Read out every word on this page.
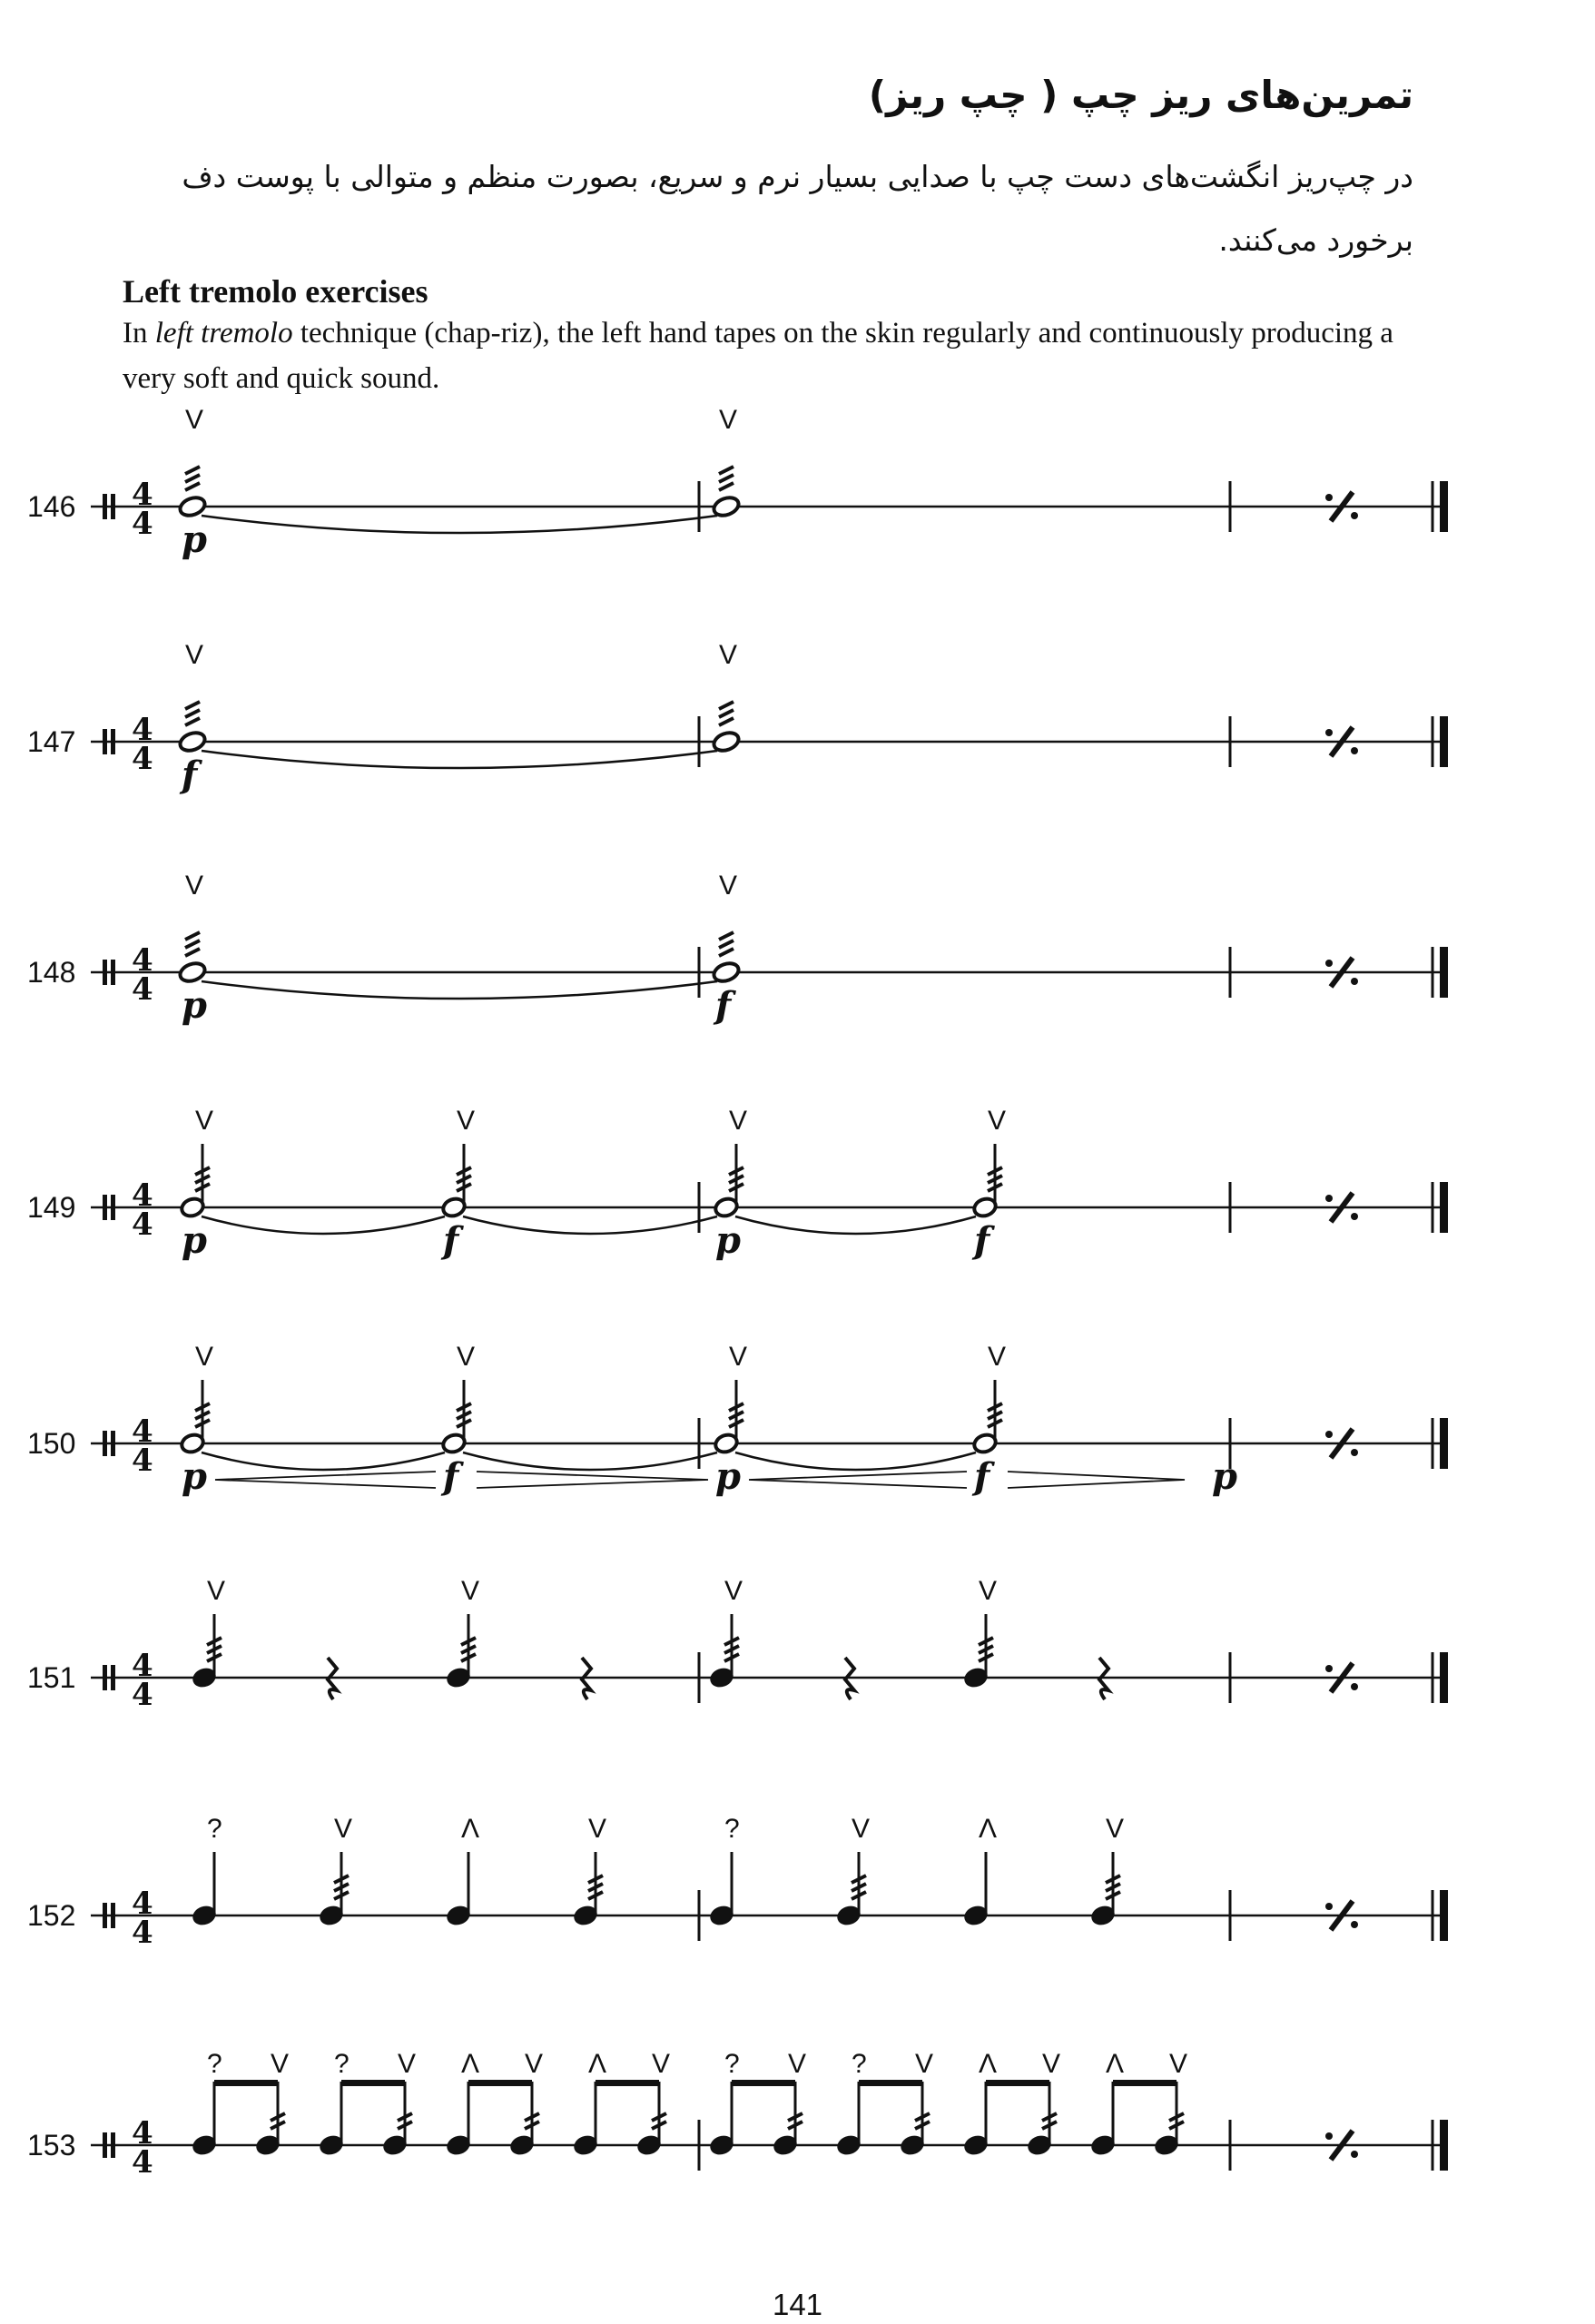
تمرین‌های ریز چپ ( چپ ریز)

در چپ‌ریز انگشت‌های دست چپ با صدایی بسیار نرم و سریع، بصورت منظم و متوالی با پوست دف برخورد می‌کنند.

Left tremolo exercises

In left tremolo technique (chap-riz), the left hand tapes on the skin regularly and continuously producing a very soft and quick sound.

146 4
4
V
p
V
147 4
4
V
f
V
148 4
4
V
p
V
f
149 4
4
V
p
V
f
V
p
V
f
150 4
4
V
p
V
f
V
p
V
f	p
151 4
4
V	V	V	V
152 4
4
?	V	Λ	V	?	V	Λ	V
153 4
4
? V ? V Λ V Λ V ? V ? V Λ V Λ V

141
